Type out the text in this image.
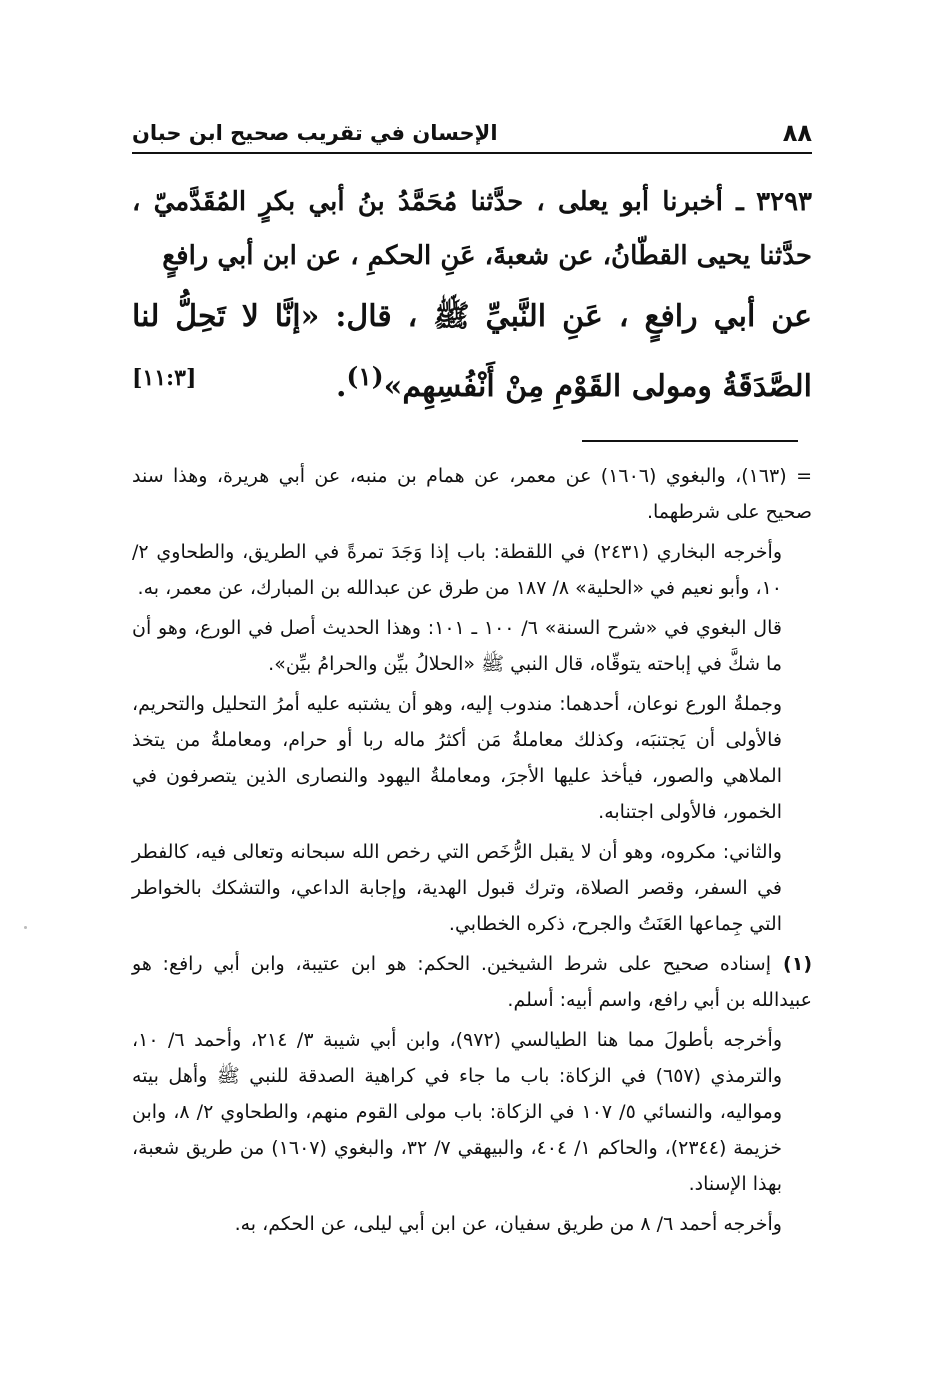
٨٨
الإحسان في تقريب صحيح ابن حبان

٣٢٩٣ ـ أخبرنا أبو يعلى ، حدَّثنا مُحَمَّدُ بنُ أبي بكرٍ المُقَدَّميّ ، حدَّثنا يحيى القطّانُ، عن شعبةَ، عَنِ الحكمِ ، عن ابن أبي رافعٍ

عن أبي رافعٍ ، عَنِ النَّبيِّ ﷺ ، قال: «إنَّا لا تَحِلُّ لنا الصَّدَقَةُ ومولى القَوْمِ مِنْ أَنْفُسِهِم»$^{(١)}$.

[١١:٣]

= (١٦٣)، والبغوي (١٦٠٦) عن معمر، عن همام بن منبه، عن أبي هريرة، وهذا سند صحيح على شرطهما.

وأخرجه البخاري (٢٤٣١) في اللقطة: باب إذا وَجَدَ تمرةً في الطريق، والطحاوي ٢/ ١٠، وأبو نعيم في «الحلية» ٨/ ١٨٧ من طرق عن عبدالله بن المبارك، عن معمر، به.

قال البغوي في «شرح السنة» ٦/ ١٠٠ ـ ١٠١: وهذا الحديث أصل في الورع، وهو أن ما شكَّ في إباحته يتوقّاه، قال النبي ﷺ «الحلالُ بيِّن والحرامُ بيِّن».

وجملةُ الورع نوعان، أحدهما: مندوب إليه، وهو أن يشتبه عليه أمرُ التحليل والتحريم، فالأولى أن يَجتنبَه، وكذلك معاملةُ مَن أكثرُ ماله ربا أو حرام، ومعاملةُ من يتخذ الملاهي والصور، فيأخذ عليها الأجرَ، ومعاملةُ اليهود والنصارى الذين يتصرفون في الخمور، فالأولى اجتنابه.

والثاني: مكروه، وهو أن لا يقبل الرُّخَص التي رخص الله سبحانه وتعالى فيه، كالفطر في السفر، وقصر الصلاة، وترك قبول الهدية، وإجابة الداعي، والتشكك بالخواطر التي جِماعها العَنَتُ والجرح، ذكره الخطابي.

(١)إسناده صحيح على شرط الشيخين. الحكم: هو ابن عتيبة، وابن أبي رافع: هو عبيدالله بن أبي رافع، واسم أبيه: أسلم.

وأخرجه بأطولَ مما هنا الطيالسي (٩٧٢)، وابن أبي شيبة ٣/ ٢١٤، وأحمد ٦/ ١٠، والترمذي (٦٥٧) في الزكاة: باب ما جاء في كراهية الصدقة للنبي ﷺ وأهل بيته ومواليه، والنسائي ٥/ ١٠٧ في الزكاة: باب مولى القوم منهم، والطحاوي ٢/ ٨، وابن خزيمة (٢٣٤٤)، والحاكم ١/ ٤٠٤، والبيهقي ٧/ ٣٢، والبغوي (١٦٠٧) من طريق شعبة، بهذا الإسناد.

وأخرجه أحمد ٦/ ٨ من طريق سفيان، عن ابن أبي ليلى، عن الحكم، به.
